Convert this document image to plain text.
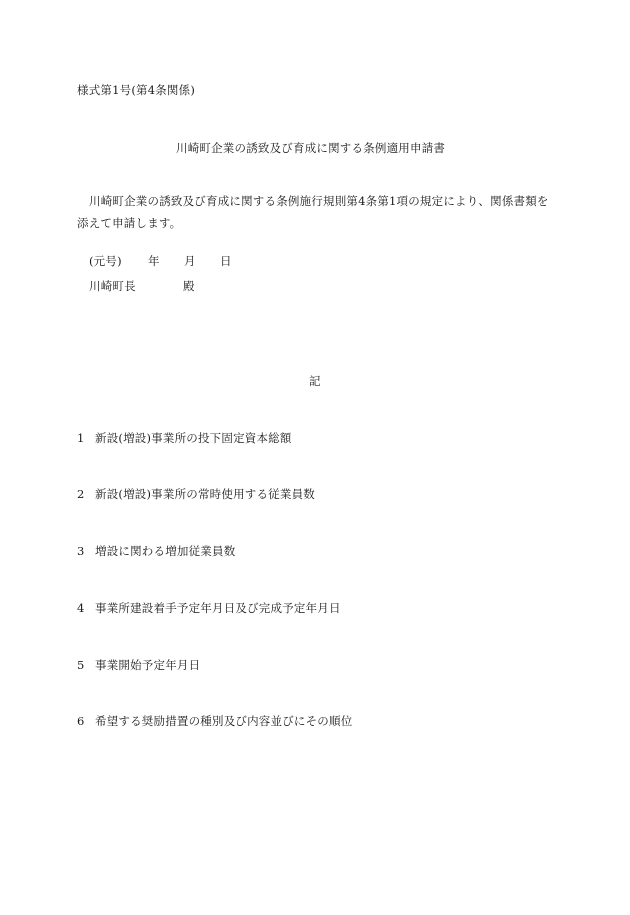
様式第1号(第4条関係)
川崎町企業の誘致及び育成に関する条例適用申請書
川崎町企業の誘致及び育成に関する条例施行規則第4条第1項の規定により、関係書類を
添えて申請します。
(元号) 年 月 日
川崎町長	殿
記
1 新設(増設)事業所の投下固定資本総額
2 新設(増設)事業所の常時使用する従業員数
3 増設に関わる増加従業員数
4 事業所建設着手予定年月日及び完成予定年月日
5 事業開始予定年月日
6 希望する奨励措置の種別及び内容並びにその順位
